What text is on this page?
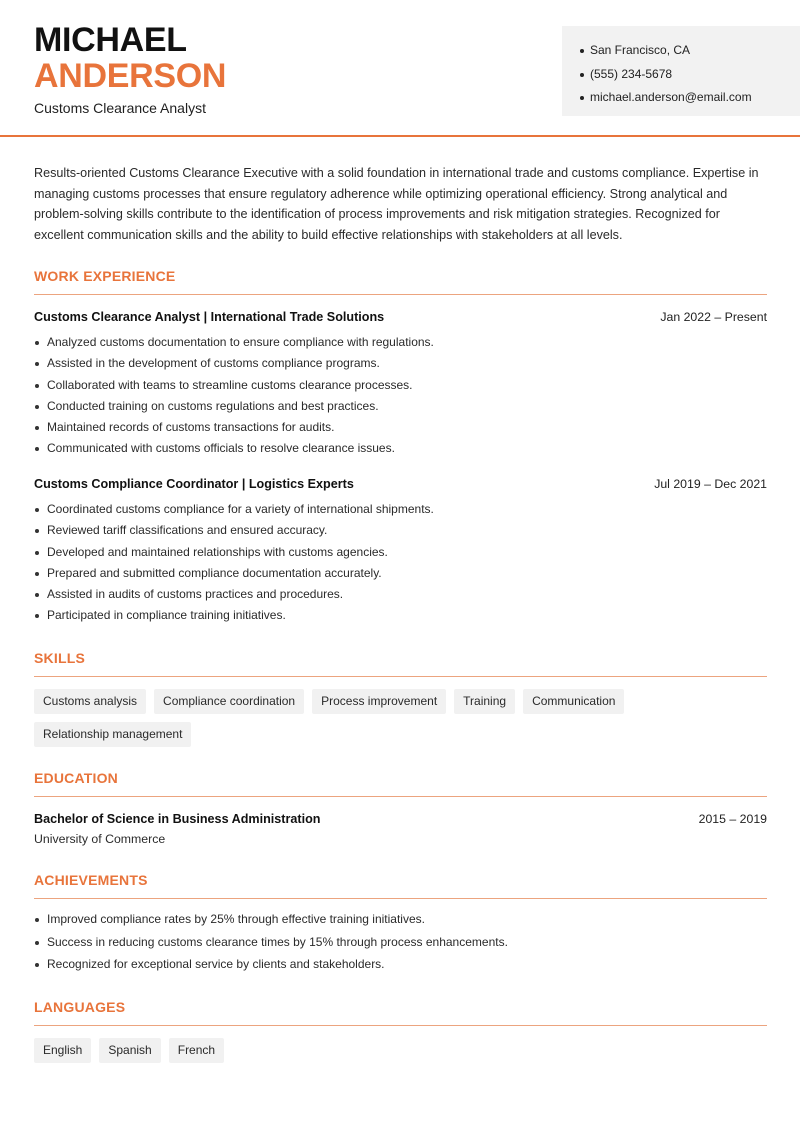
MICHAEL
ANDERSON
Customs Clearance Analyst
San Francisco, CA
(555) 234-5678
michael.anderson@email.com

Results-oriented Customs Clearance Executive with a solid foundation in international trade and customs compliance. Expertise in managing customs processes that ensure regulatory adherence while optimizing operational efficiency. Strong analytical and problem-solving skills contribute to the identification of process improvements and risk mitigation strategies. Recognized for excellent communication skills and the ability to build effective relationships with stakeholders at all levels.

WORK EXPERIENCE
Customs Clearance Analyst | International Trade Solutions	Jan 2022 – Present
Analyzed customs documentation to ensure compliance with regulations.
Assisted in the development of customs compliance programs.
Collaborated with teams to streamline customs clearance processes.
Conducted training on customs regulations and best practices.
Maintained records of customs transactions for audits.
Communicated with customs officials to resolve clearance issues.
Customs Compliance Coordinator | Logistics Experts	Jul 2019 – Dec 2021
Coordinated customs compliance for a variety of international shipments.
Reviewed tariff classifications and ensured accuracy.
Developed and maintained relationships with customs agencies.
Prepared and submitted compliance documentation accurately.
Assisted in audits of customs practices and procedures.
Participated in compliance training initiatives.
SKILLS
Customs analysis	Compliance coordination	Process improvement	Training	Communication
Relationship management
EDUCATION
Bachelor of Science in Business Administration	2015 – 2019
University of Commerce
ACHIEVEMENTS
Improved compliance rates by 25% through effective training initiatives.
Success in reducing customs clearance times by 15% through process enhancements.
Recognized for exceptional service by clients and stakeholders.
LANGUAGES
English	Spanish	French
